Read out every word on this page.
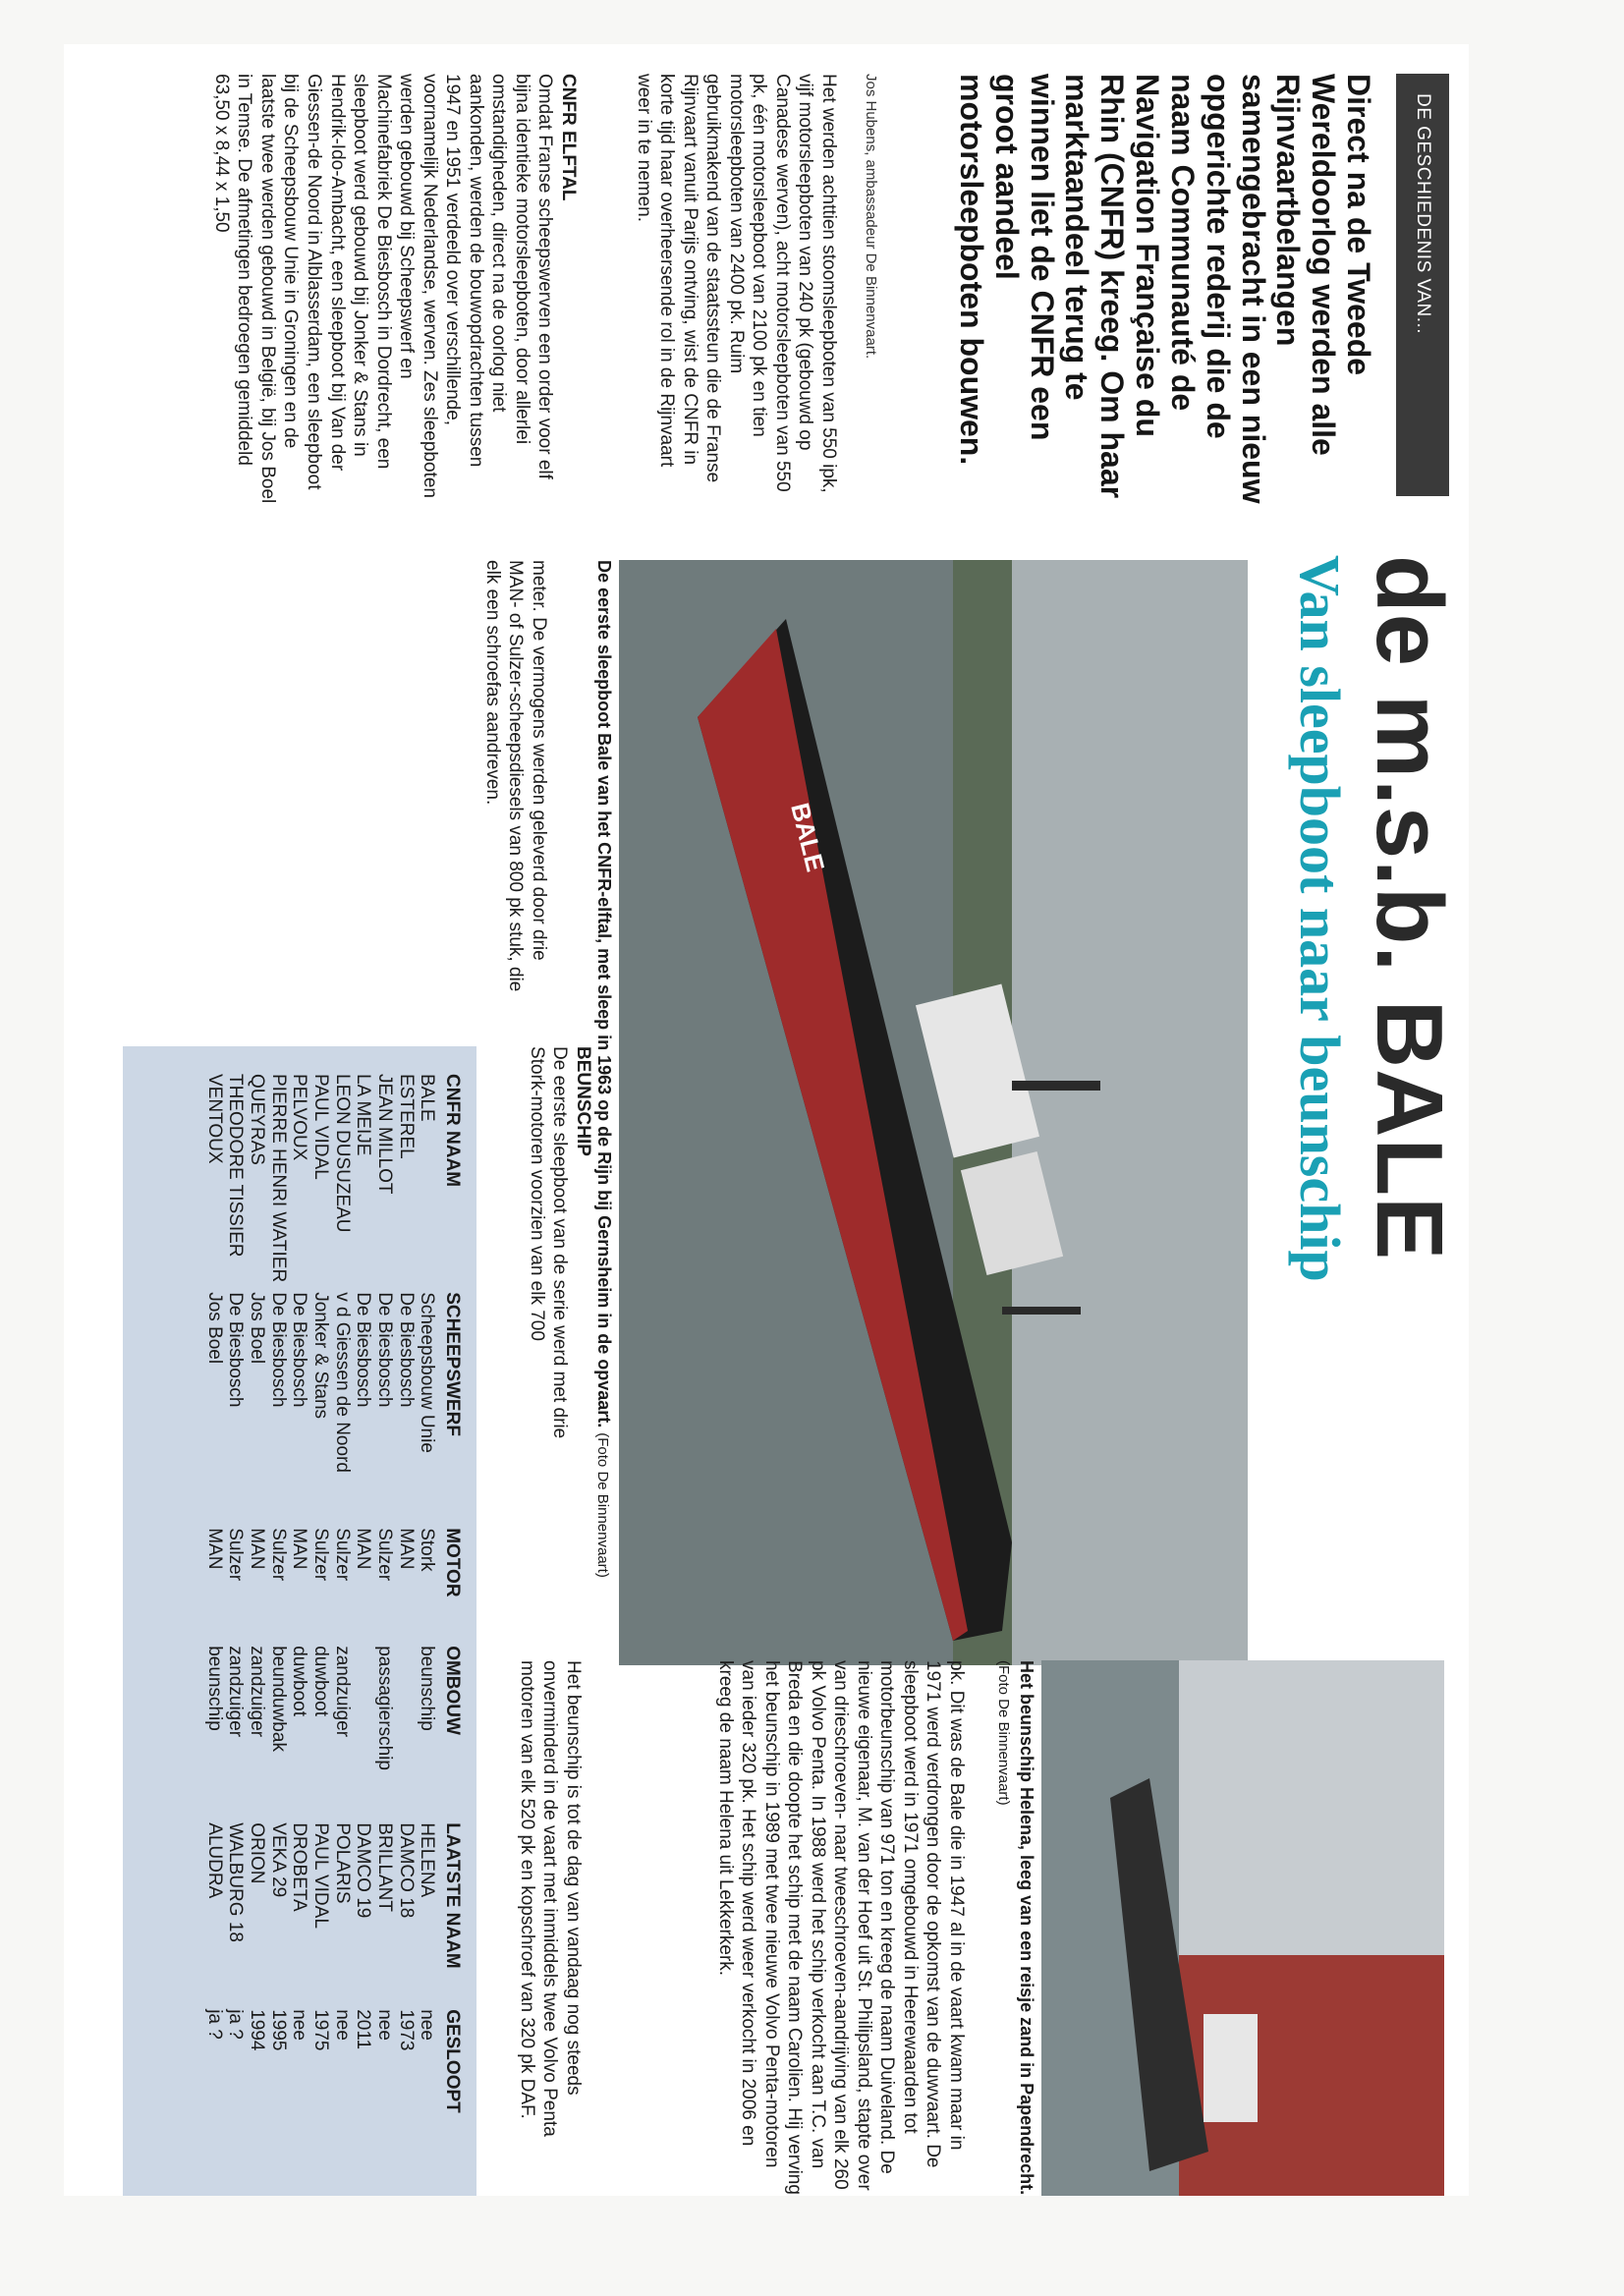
DE GESCHIEDENIS VAN...
de m.s.b. BALE
Van sleepboot naar beunschip
Direct na de Tweede Wereldoorlog werden alle Rijnvaartbelangen samengebracht in een nieuw opgerichte rederij die de naam Communauté de Navigation Française du Rhin (CNFR) kreeg. Om haar marktaandeel terug te winnen liet de CNFR een groot aandeel motorsleepboten bouwen.
Jos Hubens, ambassadeur De Binnenvaart.

Het werden achttien stoomsleepboten van 550 ipk, vijf motorsleepboten van 240 pk (gebouwd op Canadese werven), acht motorsleepboten van 550 pk, één motorsleepboot van 2100 pk en tien motorsleepboten van 2400 pk. Ruim gebruikmakend van de staatssteun die de Franse Rijnvaart vanuit Parijs ontving, wist de CNFR in korte tijd haar overheersende rol in de Rijnvaart weer in te nemen.

CNFR ELFTAL

Omdat Franse scheepswerven een order voor elf bijna identieke motorsleepboten, door allerlei omstandigheden, direct na de oorlog niet aankonden, werden de bouwopdrachten tussen 1947 en 1951 verdeeld over verschillende, voornamelijk Nederlandse, werven. Zes sleepboten werden gebouwd bij Scheepswerf en Machinefabriek De Biesbosch in Dordrecht, een sleepboot werd gebouwd bij Jonker & Stans in Hendrik-Ido-Ambacht, een sleepboot bij Van der Giessen-de Noord in Alblasserdam, een sleepboot bij de Scheepsbouw Unie in Groningen en de laatste twee werden gebouwd in België, bij Jos Boel in Temse. De afmetingen bedroegen gemiddeld 63,50 x 8,44 x 1,50

BALE
De eerste sleepboot Bale van het CNFR-elftal, met sleep in 1963 op de Rijn bij Gernsheim in de opvaart. (Foto De Binnenvaart)

meter. De vermogens werden geleverd door drie MAN- of Sulzer-scheepsdiesels van 800 pk stuk, die elk een schroefas aandreven.

BEUNSCHIP

De eerste sleepboot van de serie werd met drie Stork-motoren voorzien van elk 700

Het beunschip Helena, leeg van een reisje zand in Papendrecht. (Foto De Binnenvaart)

pk. Dit was de Bale die in 1947 al in de vaart kwam maar in 1971 werd verdrongen door de opkomst van de duwvaart. De sleepboot werd in 1971 omgebouwd in Heerewaarden tot motorbeunschip van 971 ton en kreeg de naam Duiveland. De nieuwe eigenaar, M. van der Hoef uit St. Philipsland, stapte over van drieschroeven- naar tweeschroeven-aandrijving van elk 260 pk Volvo Penta. In 1988 werd het schip verkocht aan T.C. van Breda en die doopte het schip met de naam Carolien. Hij verving het beunschip in 1989 met twee nieuwe Volvo Penta-motoren van ieder 320 pk. Het schip werd weer verkocht in 2006 en kreeg de naam Helena uit Lekkerkerk.

Het beunschip is tot de dag van vandaag nog steeds onverminderd in de vaart met inmiddels twee Volvo Penta motoren van elk 520 pk en kopschroef van 320 pk DAF.

CNFR NAAM	SCHEEPSWERF	MOTOR	OMBOUW	LAATSTE NAAM	GESLOOPT
BALE	Scheepsbouw Unie	Stork	beunschip	HELENA	nee
ESTEREL	De Biesbosch	MAN		DAMCO 18	1973
JEAN MILLOT	De Biesbosch	Sulzer	passagierschip	BRILLANT	nee
LA MEIJE	De Biesbosch	MAN		DAMCO 19	2011
LEON DUSUZEAU	v d Giessen de Noord	Sulzer	zandzuiger	POLARIS	nee
PAUL VIDAL	Jonker & Stans	Sulzer	duwboot	PAUL VIDAL	1975
PELVOUX	De Biesbosch	MAN	duwboot	DROBETA	nee
PIERRE HENRI WATIER	De Biesbosch	Sulzer	beunduwbak	VEKA 29	1995
QUEYRAS	Jos Boel	MAN	zandzuiger	ORION	1994
THEODORE TISSIER	De Biesbosch	Sulzer	zandzuiger	WALBURG 18	ja ?
VENTOUX	Jos Boel	MAN	beunschip	ALUDRA	ja ?
